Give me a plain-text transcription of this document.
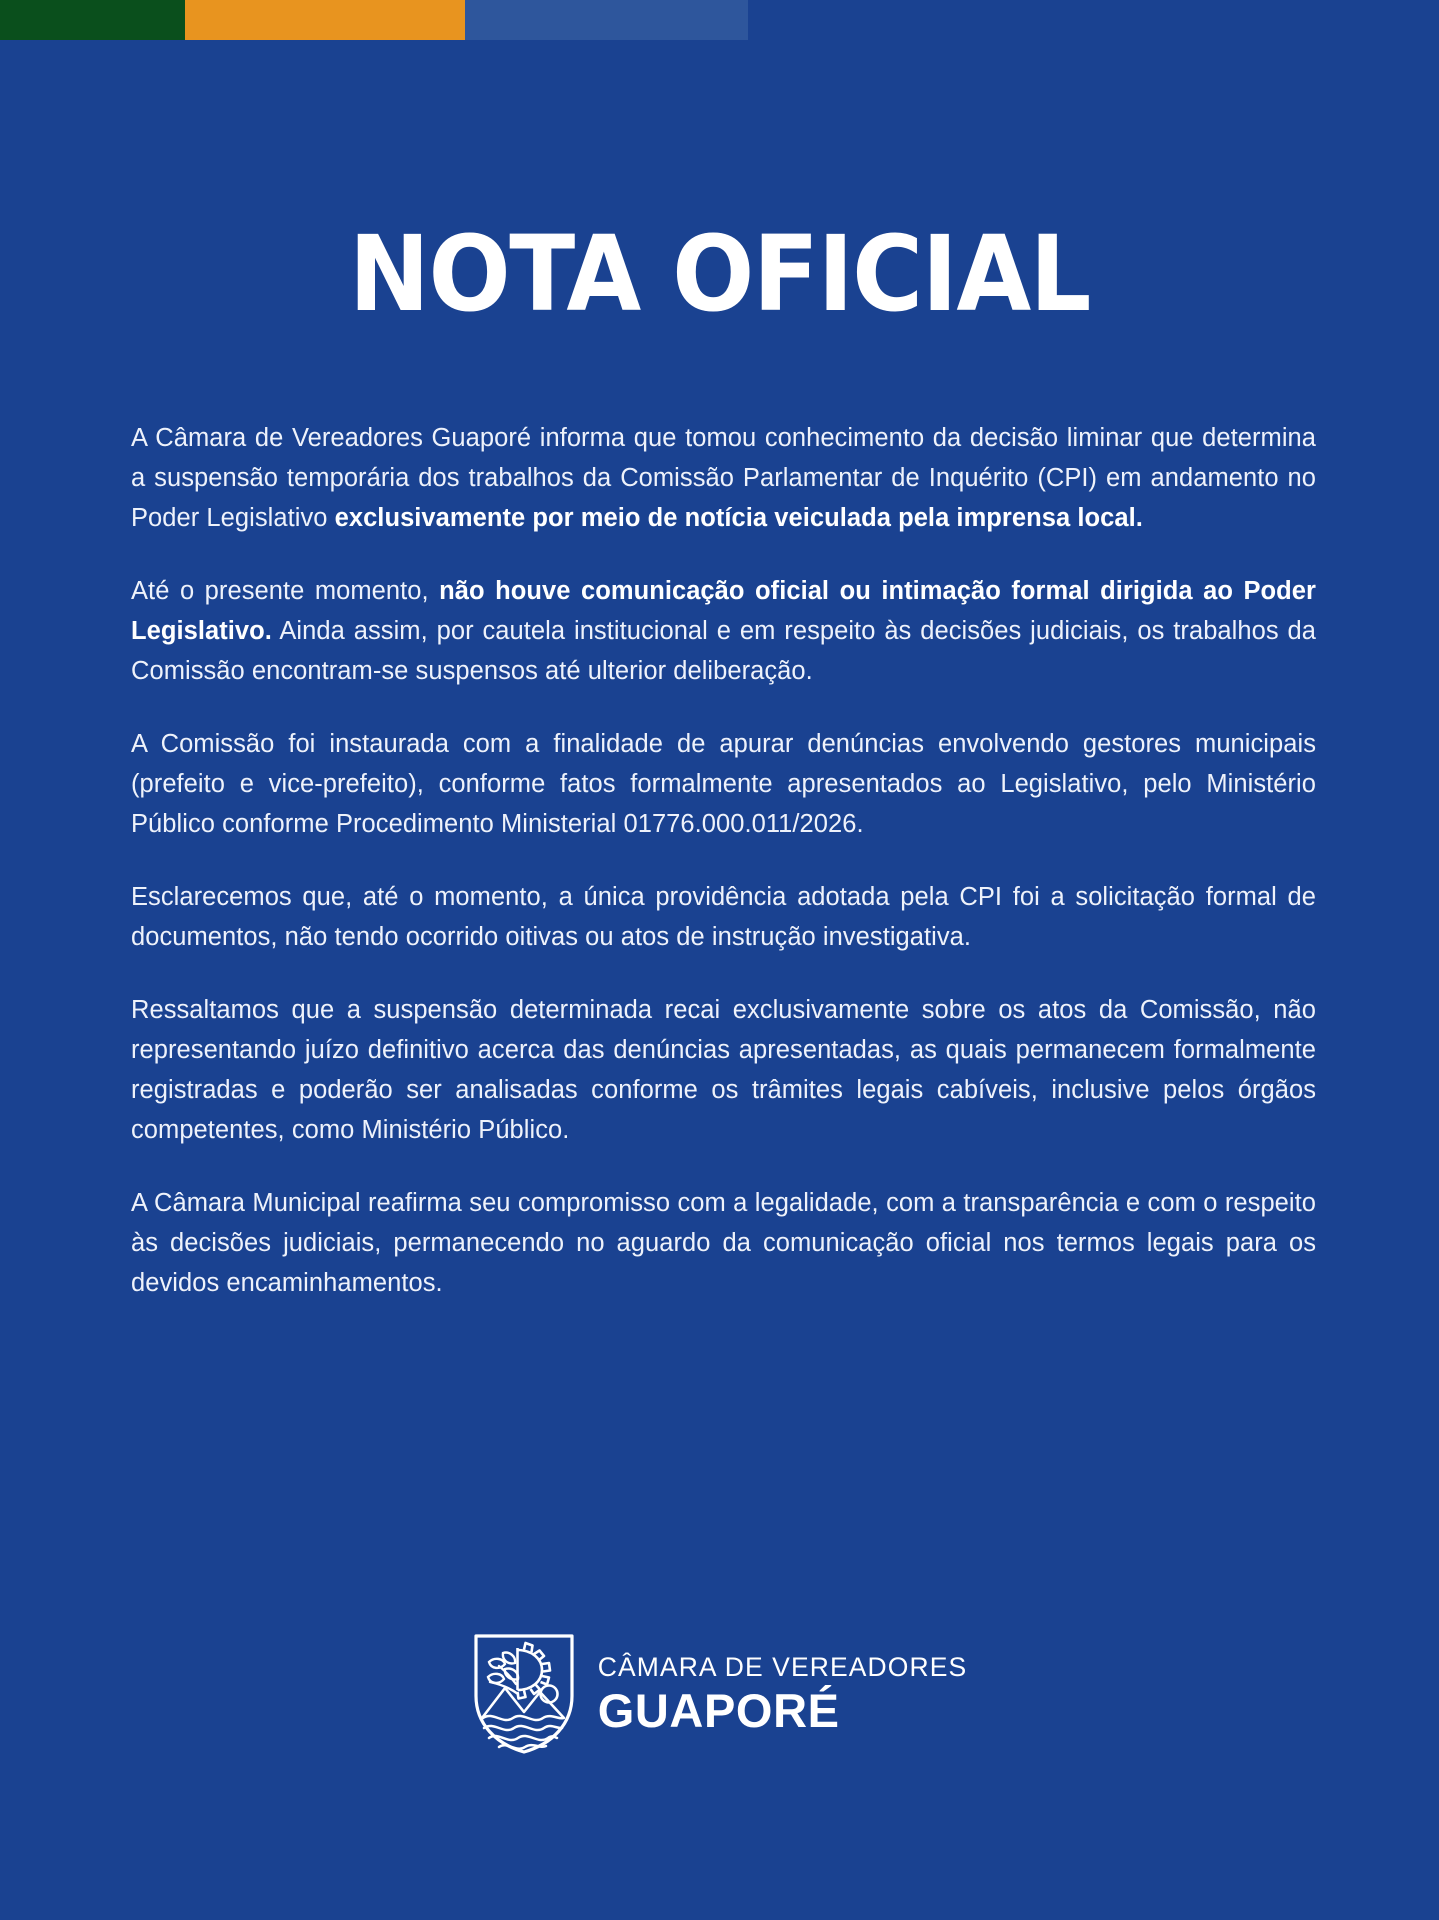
NOTA OFICIAL

A Câmara de Vereadores Guaporé informa que tomou conhecimento da decisão liminar que determina a suspensão temporária dos trabalhos da Comissão Parlamentar de Inquérito (CPI) em andamento no Poder Legislativo exclusivamente por meio de notícia veiculada pela imprensa local.

Até o presente momento, não houve comunicação oficial ou intimação formal dirigida ao Poder Legislativo. Ainda assim, por cautela institucional e em respeito às decisões judiciais, os trabalhos da Comissão encontram-se suspensos até ulterior deliberação.

A Comissão foi instaurada com a finalidade de apurar denúncias envolvendo gestores municipais (prefeito e vice-prefeito), conforme fatos formalmente apresentados ao Legislativo, pelo Ministério Público conforme Procedimento Ministerial 01776.000.011/2026.

Esclarecemos que, até o momento, a única providência adotada pela CPI foi a solicitação formal de documentos, não tendo ocorrido oitivas ou atos de instrução investigativa.

Ressaltamos que a suspensão determinada recai exclusivamente sobre os atos da Comissão, não representando juízo definitivo acerca das denúncias apresentadas, as quais permanecem formalmente registradas e poderão ser analisadas conforme os trâmites legais cabíveis, inclusive pelos órgãos competentes, como Ministério Público.

A Câmara Municipal reafirma seu compromisso com a legalidade, com a transparência e com o respeito às decisões judiciais, permanecendo no aguardo da comunicação oficial nos termos legais para os devidos encaminhamentos.

CÂMARA DE VEREADORES
GUAPORÉ
